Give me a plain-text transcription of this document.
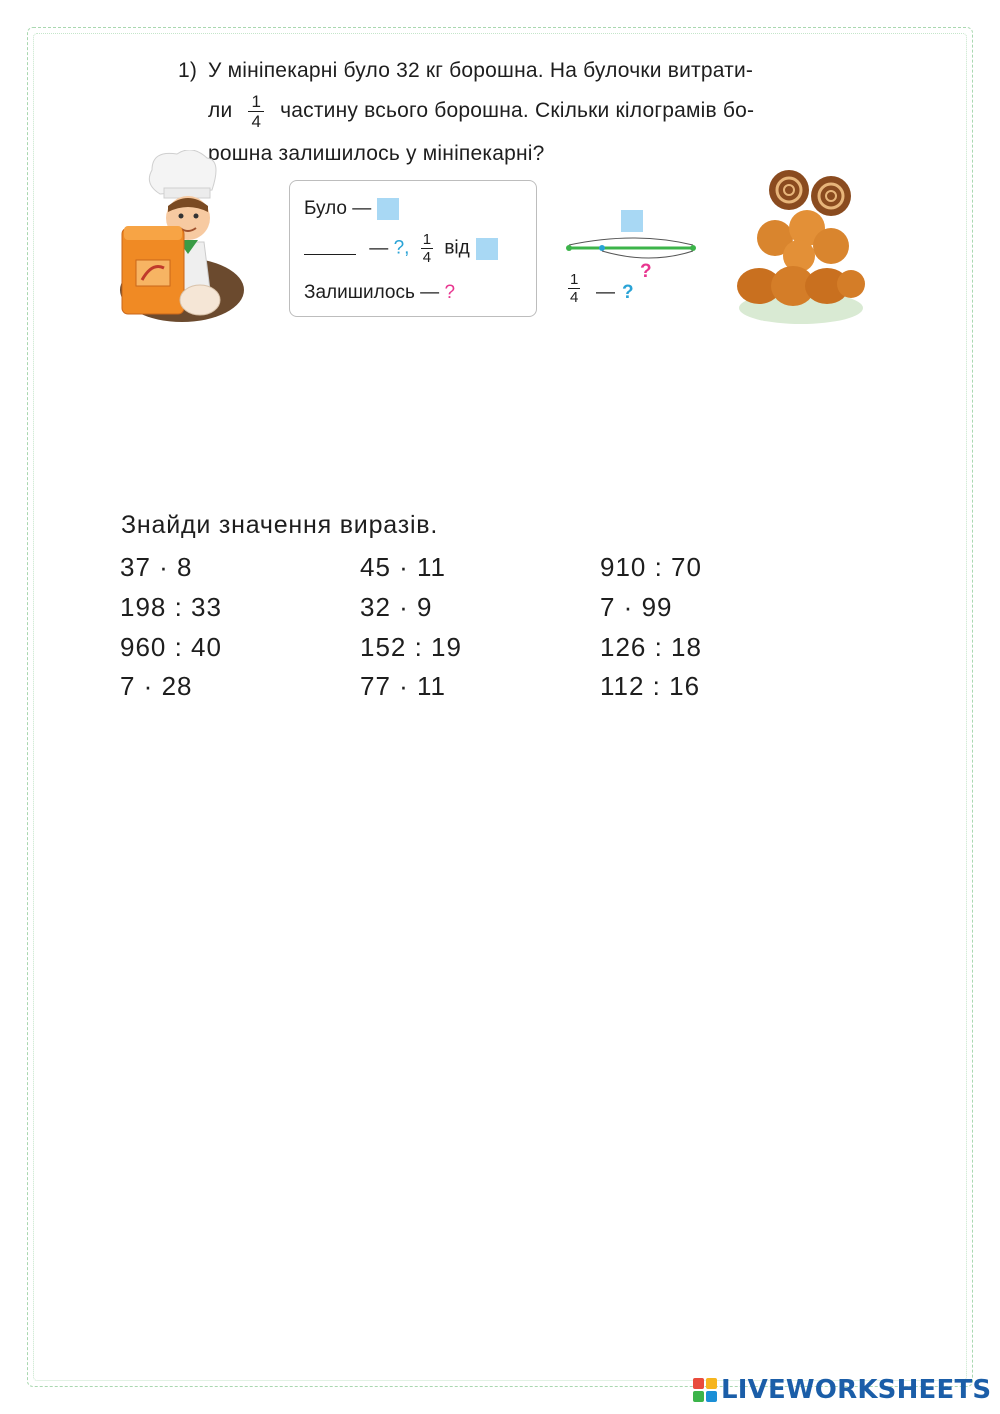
1) У мініпекарні було 32 кг борошна. На булочки витрати-
ли $\frac{1}{4}$ частину всього борошна. Скільки кілограмів бо-
рошна залишилось у мініпекарні?
Було —
— ?, $\frac{1}{4}$ від
Залишилось — ?
?
$\frac{1}{4}$ — ?
Знайди значення виразів.
37 · 8	45 · 11	910 : 70
198 : 33	32 · 9	7 · 99
960 : 40	152 : 19	126 : 18
7 · 28	77 · 11	112 : 16
LIVEWORKSHEETS
